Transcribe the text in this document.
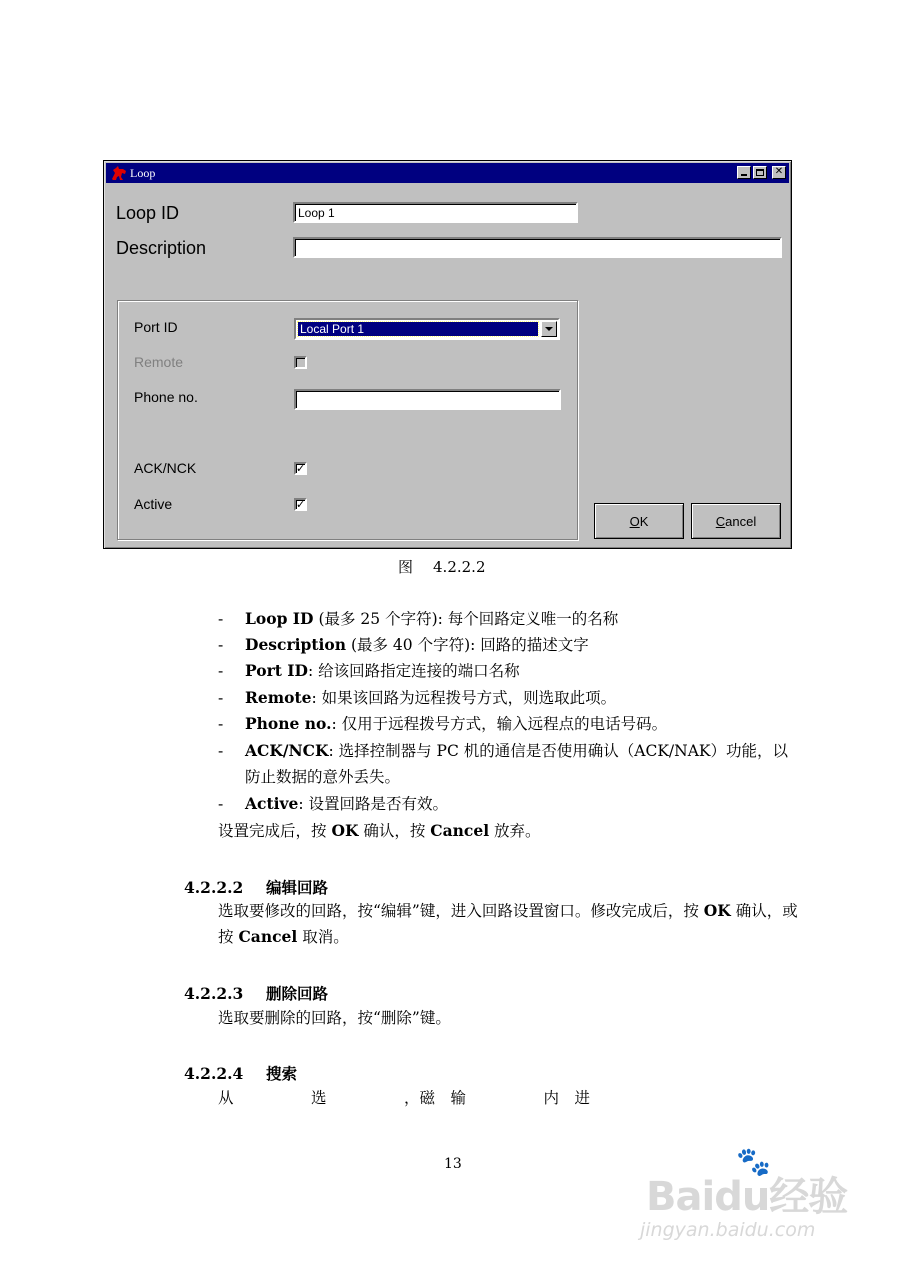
Loop	✕
Loop ID	Loop 1
Description
Port ID	Local Port 1
Remote
Phone no.
ACK/NCK	✓
Active	✓
OK	Cancel
图 4.2.2.2
- Loop ID (最多 25 个字符): 每个回路定义唯一的名称
- Description (最多 40 个字符): 回路的描述文字
- Port ID: 给该回路指定连接的端口名称
- Remote: 如果该回路为远程拨号方式，则选取此项。
- Phone no.: 仅用于远程拨号方式，输入远程点的电话号码。
- ACK/NCK: 选择控制器与 PC 机的通信是否使用确认（ACK/NAK）功能，以防止数据的意外丢失。
- Active: 设置回路是否有效。
设置完成后，按 OK 确认，按 Cancel 放弃。
4.2.2.2 编辑回路
选取要修改的回路，按“编辑”键，进入回路设置窗口。修改完成后，按 OK 确认，或按 Cancel 取消。
4.2.2.3 删除回路
选取要删除的回路，按“删除”键。
4.2.2.4 搜索
从　　　　　选　　　　　，磁　输　　　　　内　进
13	🐾
Baidu经验
jingyan.baidu.com
